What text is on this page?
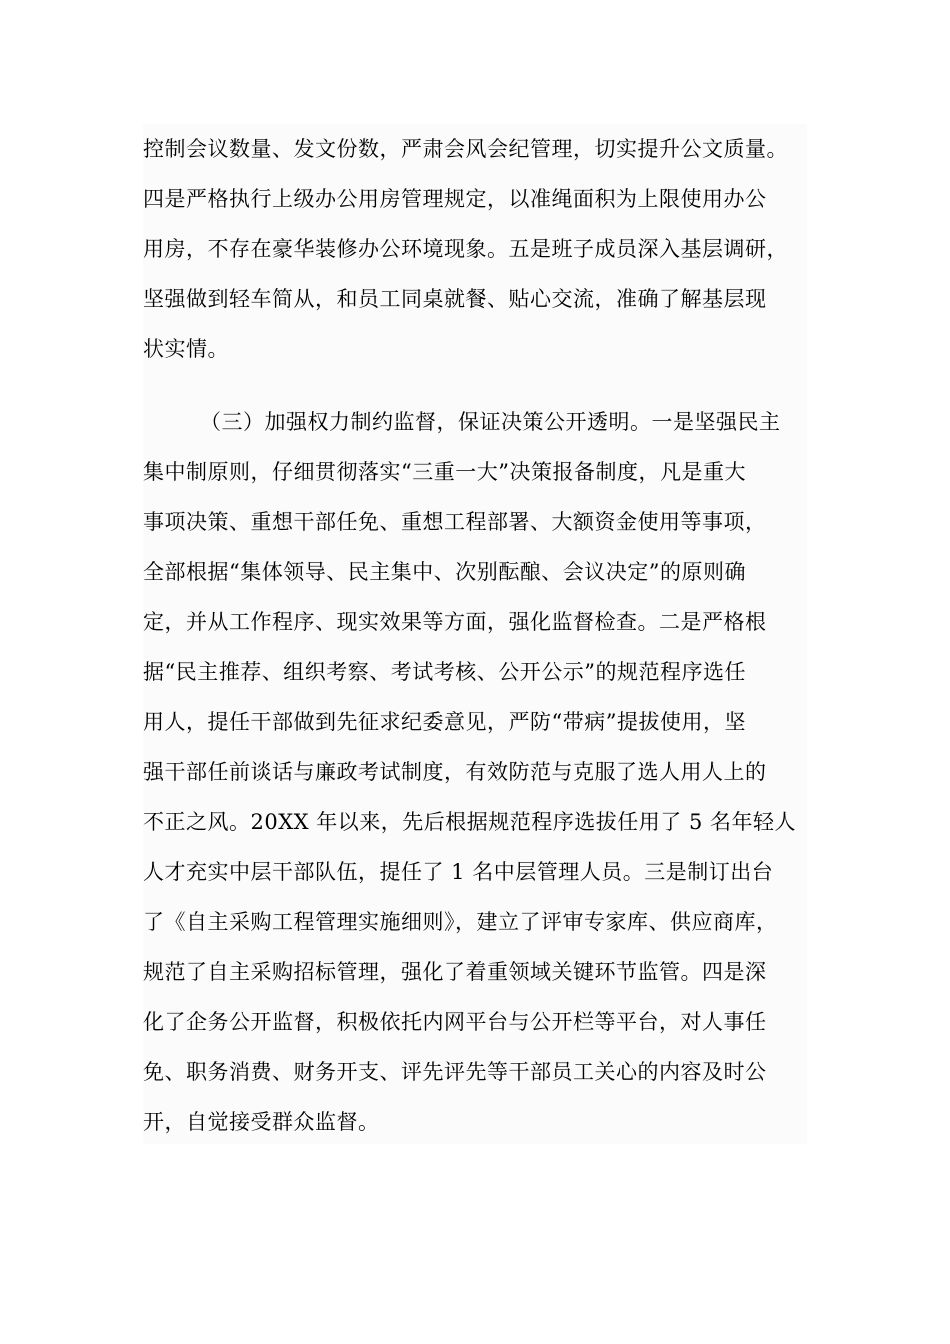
控制会议数量、发文份数，严肃会风会纪管理，切实提升公文质量。
四是严格执行上级办公用房管理规定，以准绳面积为上限使用办公
用房，不存在豪华装修办公环境现象。五是班子成员深入基层调研，
坚强做到轻车简从，和员工同桌就餐、贴心交流，准确了解基层现
状实情。
（三）加强权力制约监督，保证决策公开透明。一是坚强民主
集中制原则，仔细贯彻落实“三重一大”决策报备制度，凡是重大
事项决策、重想干部任免、重想工程部署、大额资金使用等事项，
全部根据“集体领导、民主集中、次别酝酿、会议决定”的原则确
定，并从工作程序、现实效果等方面，强化监督检查。二是严格根
据“民主推荐、组织考察、考试考核、公开公示”的规范程序选任
用人，提任干部做到先征求纪委意见，严防“带病”提拔使用，坚
强干部任前谈话与廉政考试制度，有效防范与克服了选人用人上的
不正之风。20XX 年以来，先后根据规范程序选拔任用了 5 名年轻人
人才充实中层干部队伍，提任了 1 名中层管理人员。三是制订出台
了《自主采购工程管理实施细则》，建立了评审专家库、供应商库，
规范了自主采购招标管理，强化了着重领域关键环节监管。四是深
化了企务公开监督，积极依托内网平台与公开栏等平台，对人事任
免、职务消费、财务开支、评先评先等干部员工关心的内容及时公
开，自觉接受群众监督。
